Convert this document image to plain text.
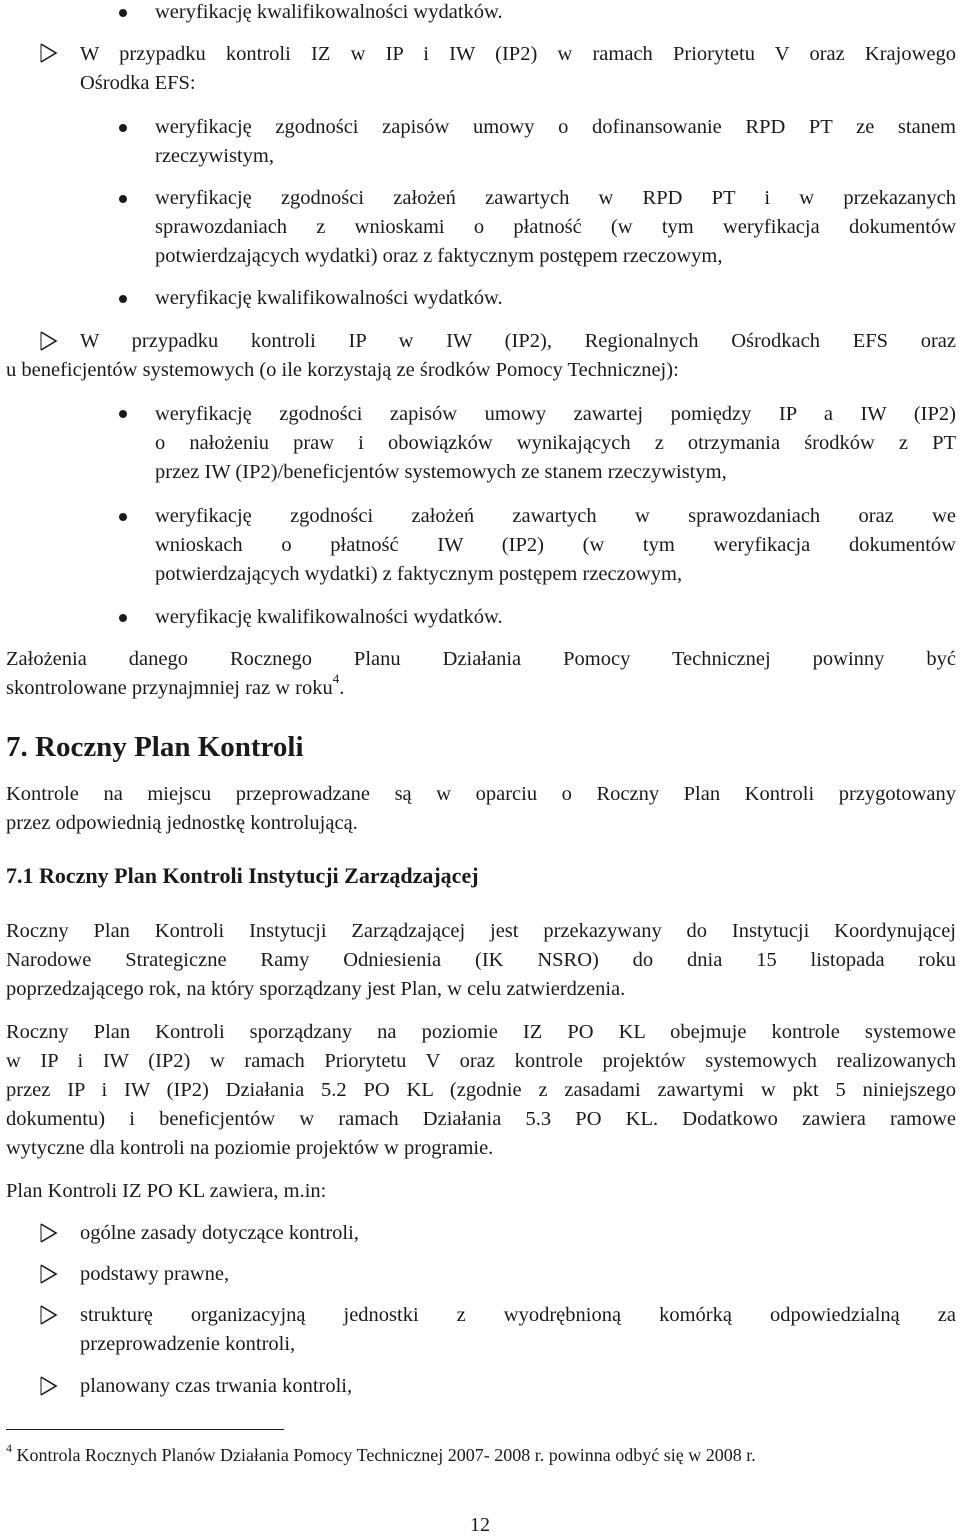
weryfikację kwalifikowalności wydatków.
W przypadku kontroli IZ w IP i IW (IP2) w ramach Priorytetu V oraz Krajowego
Ośrodka EFS:
weryfikację zgodności zapisów umowy o dofinansowanie RPD PT ze stanem
rzeczywistym,
weryfikację zgodności założeń zawartych w RPD PT i w przekazanych
sprawozdaniach z wnioskami o płatność (w tym weryfikacja dokumentów
potwierdzających wydatki) oraz z faktycznym postępem rzeczowym,
weryfikację kwalifikowalności wydatków.
W przypadku kontroli IP w IW (IP2), Regionalnych Ośrodkach EFS oraz
u beneficjentów systemowych (o ile korzystają ze środków Pomocy Technicznej):
weryfikację zgodności zapisów umowy zawartej pomiędzy IP a IW (IP2)
o nałożeniu praw i obowiązków wynikających z otrzymania środków z PT
przez IW (IP2)/beneficjentów systemowych ze stanem rzeczywistym,
weryfikację zgodności założeń zawartych w sprawozdaniach oraz we
wnioskach o płatność IW (IP2) (w tym weryfikacja dokumentów
potwierdzających wydatki) z faktycznym postępem rzeczowym,
weryfikację kwalifikowalności wydatków.
Założenia danego Rocznego Planu Działania Pomocy Technicznej powinny być
skontrolowane przynajmniej raz w roku$^4$.
7. Roczny Plan Kontroli
Kontrole na miejscu przeprowadzane są w oparciu o Roczny Plan Kontroli przygotowany
przez odpowiednią jednostkę kontrolującą.
7.1 Roczny Plan Kontroli Instytucji Zarządzającej
Roczny Plan Kontroli Instytucji Zarządzającej jest przekazywany do Instytucji Koordynującej
Narodowe Strategiczne Ramy Odniesienia (IK NSRO) do dnia 15 listopada roku
poprzedzającego rok, na który sporządzany jest Plan, w celu zatwierdzenia.
Roczny Plan Kontroli sporządzany na poziomie IZ PO KL obejmuje kontrole systemowe
w IP i IW (IP2) w ramach Priorytetu V oraz kontrole projektów systemowych realizowanych
przez IP i IW (IP2) Działania 5.2 PO KL (zgodnie z zasadami zawartymi w pkt 5 niniejszego
dokumentu) i beneficjentów w ramach Działania 5.3 PO KL. Dodatkowo zawiera ramowe
wytyczne dla kontroli na poziomie projektów w programie.
Plan Kontroli IZ PO KL zawiera, m.in:
ogólne zasady dotyczące kontroli,
podstawy prawne,
strukturę organizacyjną jednostki z wyodrębnioną komórką odpowiedzialną za
przeprowadzenie kontroli,
planowany czas trwania kontroli,
$^4$ Kontrola Rocznych Planów Działania Pomocy Technicznej 2007- 2008 r. powinna odbyć się w 2008 r.
12
